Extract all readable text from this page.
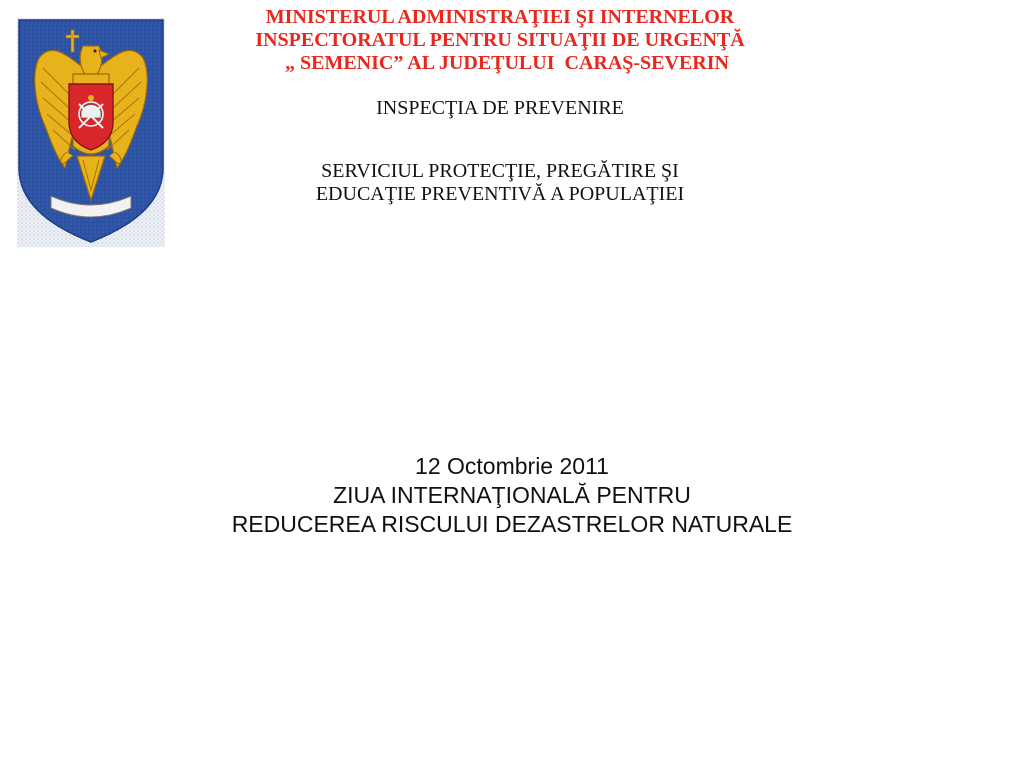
MINISTERUL ADMINISTRAŢIEI ŞI INTERNELOR
INSPECTORATUL PENTRU SITUAŢII DE URGENŢĂ
„ SEMENIC” AL JUDEŢULUI  CARAŞ-SEVERIN
INSPECŢIA DE PREVENIRE
SERVICIUL PROTECŢIE, PREGĂTIRE ŞI
EDUCAŢIE PREVENTIVĂ A POPULAŢIEI
12 Octombrie 2011
ZIUA INTERNAŢIONALĂ PENTRU
REDUCEREA RISCULUI DEZASTRELOR NATURALE
